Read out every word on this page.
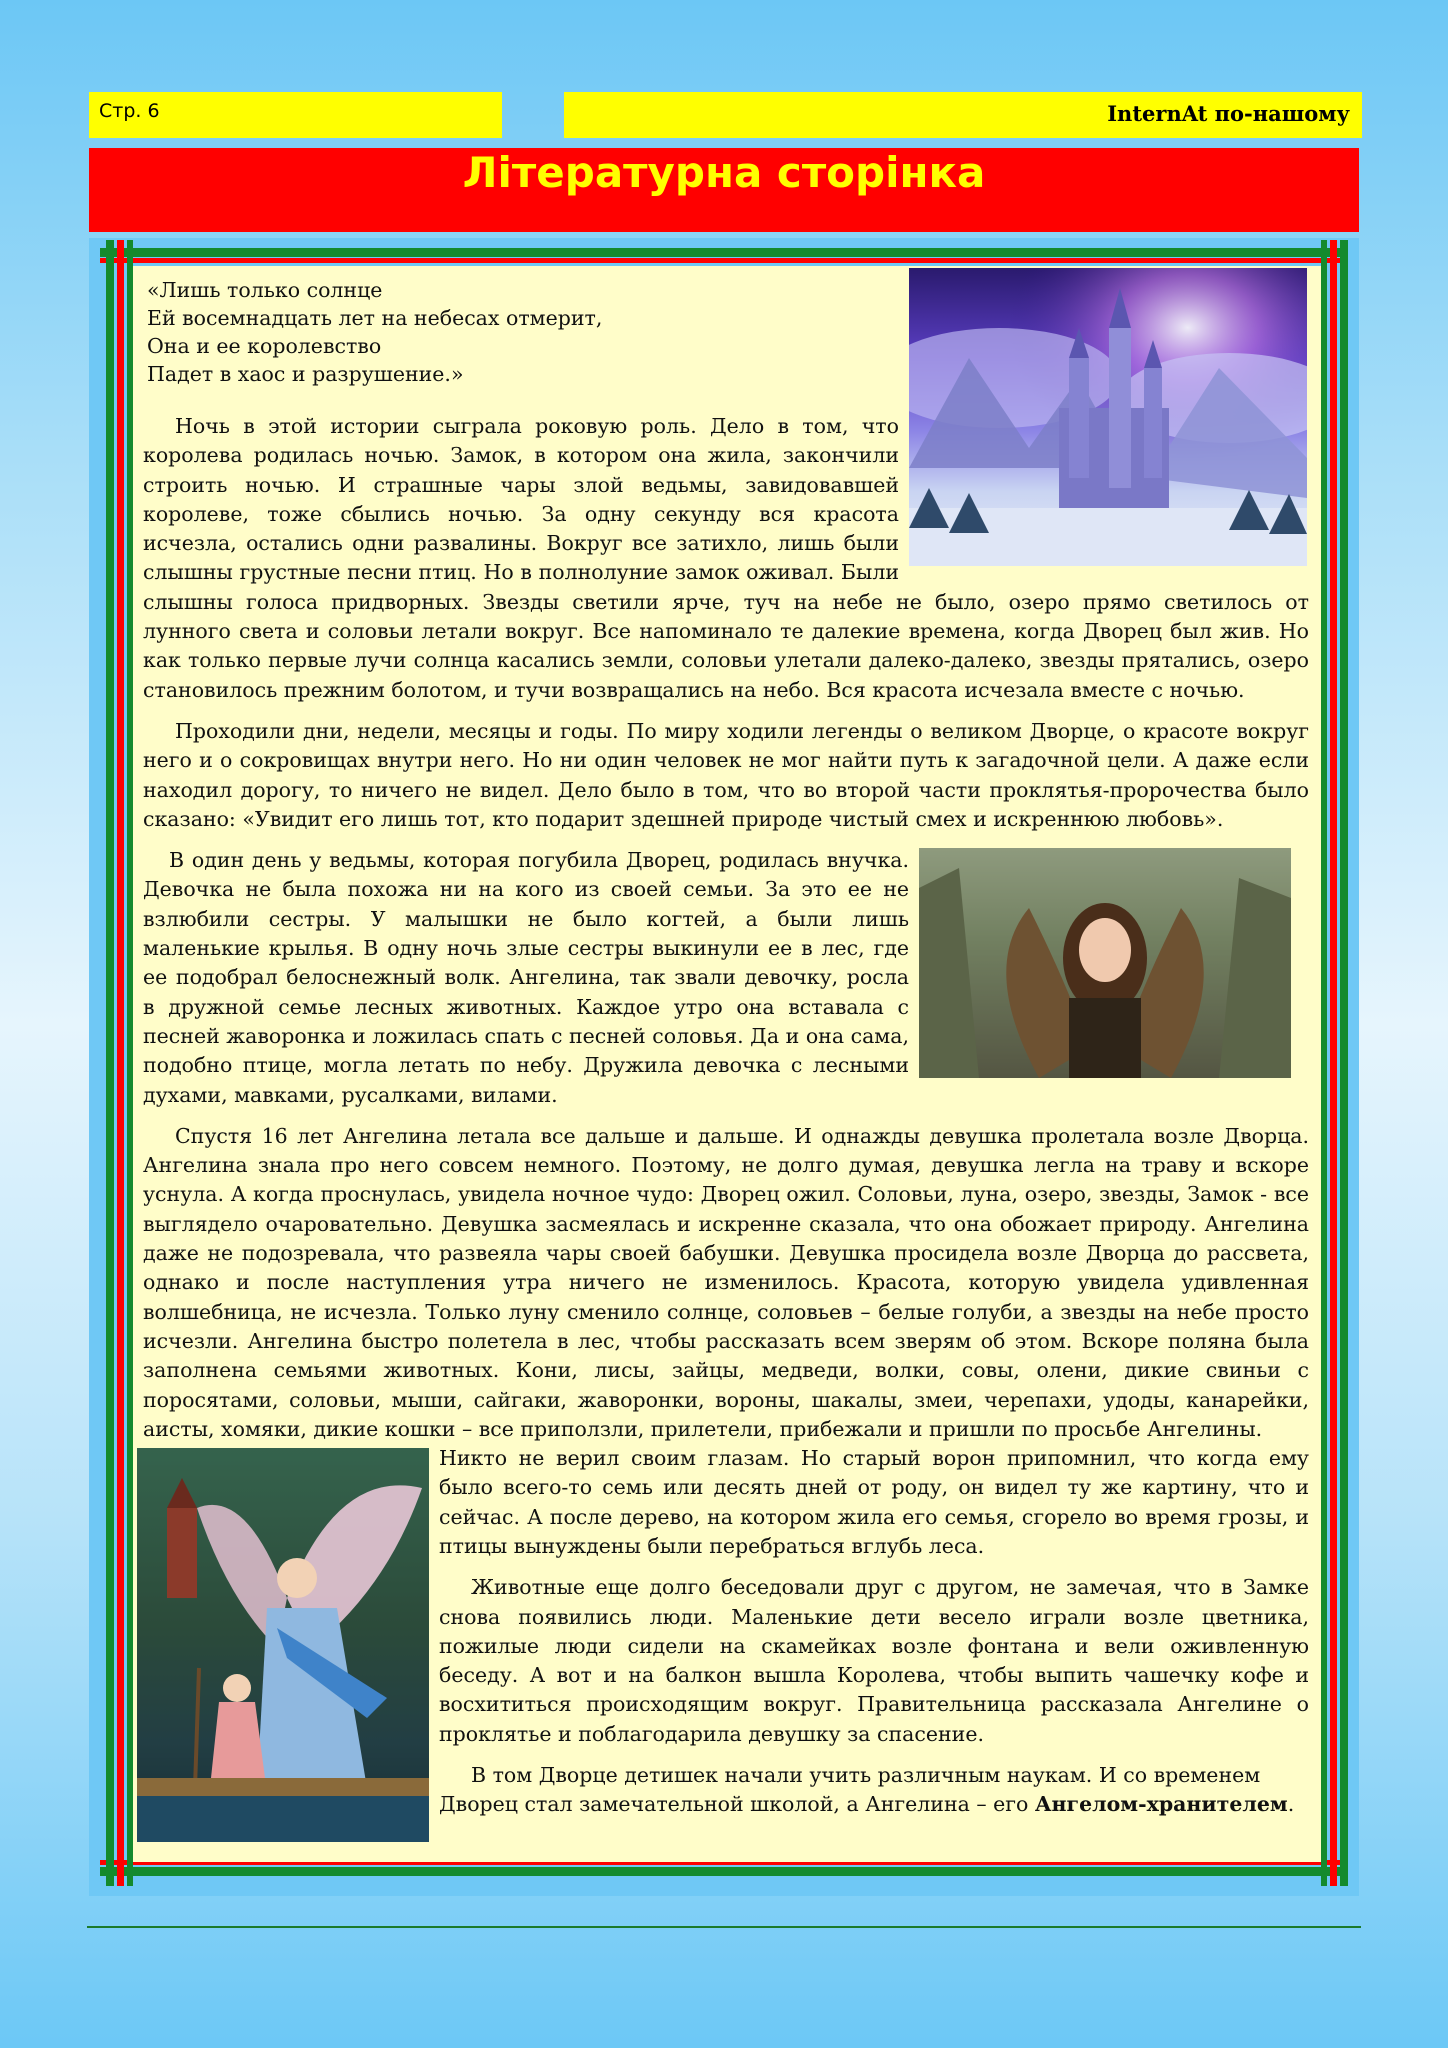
Стр. 6	InternAt по-нашому
Літературна сторінка
«Лишь только солнце
Ей восемнадцать лет на небесах отмерит,
Она и ее королевство
Падет в хаос и разрушение.»

Ночь в этой истории сыграла роковую роль. Дело в том, что королева родилась ночью. Замок, в котором она жила, закончили строить ночью. И страшные чары злой ведьмы, завидовавшей королеве, тоже сбылись ночью. За одну секунду вся красота исчезла, остались одни развалины. Вокруг все затихло, лишь были слышны грустные песни птиц. Но в полнолуние замок оживал. Были слышны голоса придворных. Звезды светили ярче, туч на небе не было, озеро прямо светилось от лунного света и соловьи летали вокруг. Все напоминало те далекие времена, когда Дворец был жив. Но как только первые лучи солнца касались земли, соловьи улетали далеко-далеко, звезды прятались, озеро становилось прежним болотом, и тучи возвращались на небо. Вся красота исчезала вместе с ночью.

Проходили дни, недели, месяцы и годы. По миру ходили легенды о великом Дворце, о красоте вокруг него и о сокровищах внутри него. Но ни один человек не мог найти путь к загадочной цели. А даже если находил дорогу, то ничего не видел. Дело было в том, что во второй части проклятья-пророчества было сказано: «Увидит его лишь тот, кто подарит здешней природе чистый смех и искреннюю любовь».

В один день у ведьмы, которая погубила Дворец, родилась внучка. Девочка не была похожа ни на кого из своей семьи. За это ее не взлюбили сестры. У малышки не было когтей, а были лишь маленькие крылья. В одну ночь злые сестры выкинули ее в лес, где ее подобрал белоснежный волк. Ангелина, так звали девочку, росла в дружной семье лесных животных. Каждое утро она вставала с песней жаворонка и ложилась спать с песней соловья. Да и она сама, подобно птице, могла летать по небу. Дружила девочка с лесными духами, мавками, русалками, вилами.

Спустя 16 лет Ангелина летала все дальше и дальше. И однажды девушка пролетала возле Дворца. Ангелина знала про него совсем немного. Поэтому, не долго думая, девушка легла на траву и вскоре уснула. А когда проснулась, увидела ночное чудо: Дворец ожил. Соловьи, луна, озеро, звезды, Замок - все выглядело очаровательно. Девушка засмеялась и искренне сказала, что она обожает природу. Ангелина даже не подозревала, что развеяла чары своей бабушки. Девушка просидела возле Дворца до рассвета, однако и после наступления утра ничего не изменилось. Красота, которую увидела удивленная волшебница, не исчезла. Только луну сменило солнце, соловьев – белые голуби, а звезды на небе просто исчезли. Ангелина быстро полетела в лес, чтобы рассказать всем зверям об этом. Вскоре поляна была заполнена семьями животных. Кони, лисы, зайцы, медведи, волки, совы, олени, дикие свиньи с поросятами, соловьи, мыши, сайгаки, жаворонки, вороны, шакалы, змеи, черепахи, удоды, канарейки, аисты, хомяки, дикие кошки – все приползли, прилетели, прибежали и пришли по просьбе Ангелины.

Никто не верил своим глазам. Но старый ворон припомнил, что когда ему было всего-то семь или десять дней от роду, он видел ту же картину, что и сейчас. А после дерево, на котором жила его семья, сгорело во время грозы, и птицы вынуждены были перебраться вглубь леса.

Животные еще долго беседовали друг с другом, не замечая, что в Замке снова появились люди. Маленькие дети весело играли возле цветника, пожилые люди сидели на скамейках возле фонтана и вели оживленную беседу. А вот и на балкон вышла Королева, чтобы выпить чашечку кофе и восхититься происходящим вокруг. Правительница рассказала Ангелине о проклятье и поблагодарила девушку за спасение.

В том Дворце детишек начали учить различным наукам. И со временем Дворец стал замечательной школой, а Ангелина – его Ангелом-хранителем.
